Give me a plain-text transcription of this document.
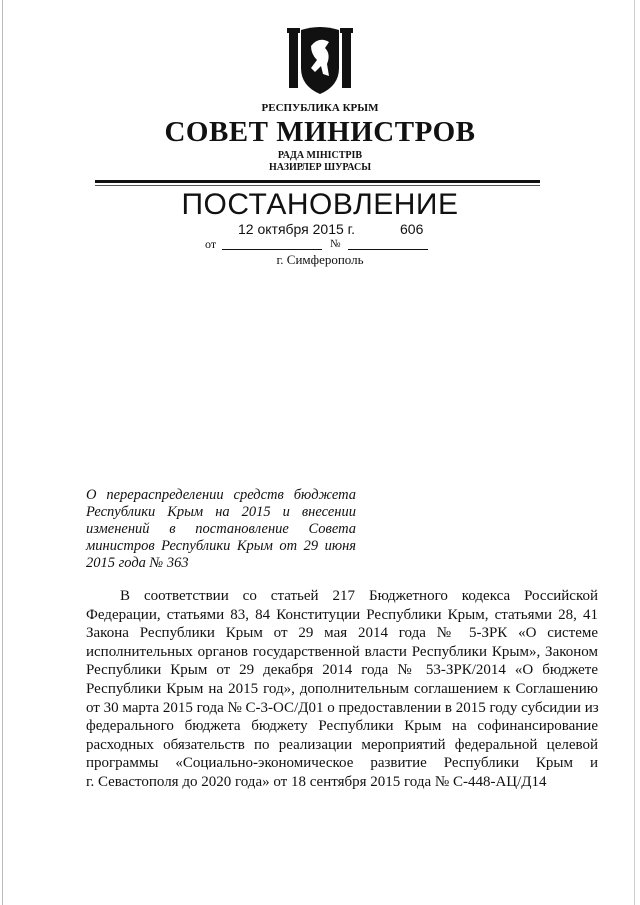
РЕСПУБЛИКА КРЫМ
СОВЕТ МИНИСТРОВ
РАДА МІНІСТРІВ
НАЗИРЛЕР ШУРАСЫ
ПОСТАНОВЛЕНИЕ
12 октября 2015 г.	606
от	№
г. Симферополь
О перераспределении средств бюджета
Республики Крым на 2015 и внесении
изменений в постановление Совета
министров Республики Крым от 29 июня
2015 года № 363
В соответствии со статьей 217 Бюджетного кодекса Российской
Федерации, статьями 83, 84 Конституции Республики Крым, статьями 28, 41
Закона Республики Крым от 29 мая 2014 года № 5-ЗРК «О системе
исполнительных органов государственной власти Республики Крым», Законом
Республики Крым от 29 декабря 2014 года № 53-ЗРК/2014 «О бюджете
Республики Крым на 2015 год», дополнительным соглашением к Соглашению
от 30 марта 2015 года № С-3-ОС/Д01 о предоставлении в 2015 году субсидии из
федерального бюджета бюджету Республики Крым на софинансирование
расходных обязательств по реализации мероприятий федеральной целевой
программы «Социально-экономическое развитие Республики Крым и
г. Севастополя до 2020 года» от 18 сентября 2015 года № С-448-АЦ/Д14
